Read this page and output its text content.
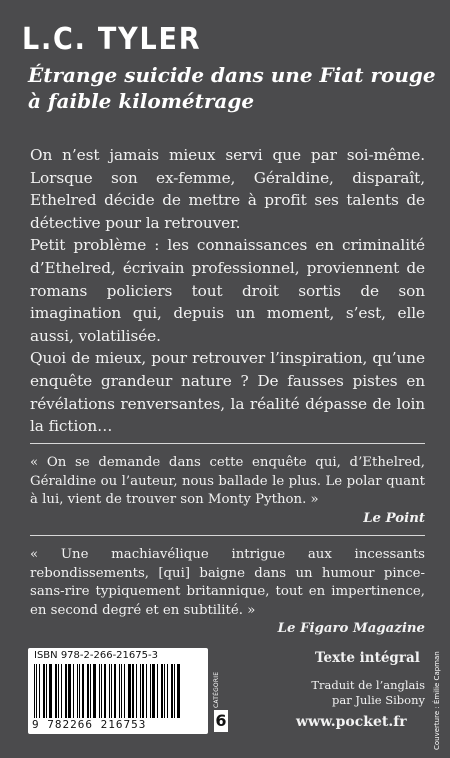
L.C. TYLER
Étrange suicide dans une Fiat rouge
à faible kilométrage

On n’est jamais mieux servi que par soi-même. Lorsque son ex-femme, Géraldine, disparaît, Ethelred décide de mettre à profit ses talents de détective pour la retrouver.

Petit problème : les connaissances en criminalité d’Ethelred, écrivain professionnel, proviennent de romans policiers tout droit sortis de son imagination qui, depuis un moment, s’est, elle aussi, volatilisée.

Quoi de mieux, pour retrouver l’inspiration, qu’une enquête grandeur nature ? De fausses pistes en révélations renversantes, la réalité dépasse de loin la fiction…

« On se demande dans cette enquête qui, d’Ethelred, Géraldine ou l’auteur, nous ballade le plus. Le polar quant à lui, vient de trouver son Monty Python. »

Le Point

« Une machiavélique intrigue aux incessants rebondissements, [qui] baigne dans un humour pince-sans-rire typiquement britannique, tout en impertinence, en second degré et en subtilité. »

Le Figaro Magazine

ISBN 978-2-266-21675-3
9 782266 216753
CATÉGORIE
6
Texte intégral
Traduit de l’anglais
par Julie Sibony
www.pocket.fr	Couverture : Émilie Capman
